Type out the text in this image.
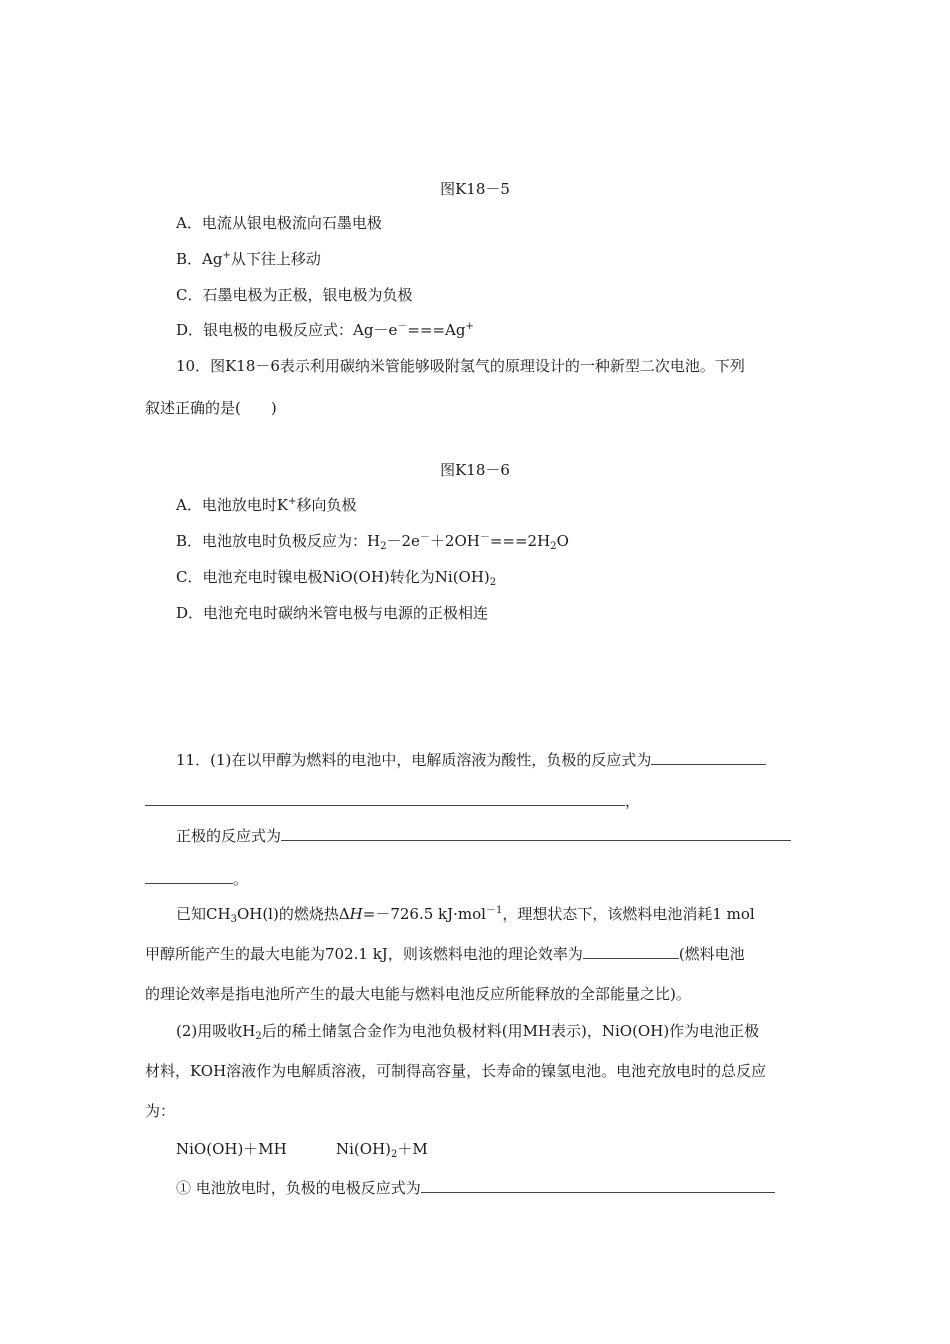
图K18－5
A．电流从银电极流向石墨电极
B．Ag+从下往上移动
C．石墨电极为正极，银电极为负极
D．银电极的电极反应式：Ag－e－===Ag+
10．图K18－6表示利用碳纳米管能够吸附氢气的原理设计的一种新型二次电池。下列
叙述正确的是(　　)
图K18－6
A．电池放电时K+移向负极
B．电池放电时负极反应为：$H_2-2e^-+2OH^-===2H_2O$
C．电池充电时镍电极NiO(OH)转化为$Ni(OH)_2$
D．电池充电时碳纳米管电极与电源的正极相连
11．(1)在以甲醇为燃料的电池中，电解质溶液为酸性，负极的反应式为
，
正极的反应式为
。
已知$CH_3OH(l)$的燃烧热ΔH=－726.5 kJ·mol$^{-1}$，理想状态下，该燃料电池消耗1 mol
甲醇所能产生的最大电能为702.1 kJ，则该燃料电池的理论效率为	(燃料电池
的理论效率是指电池所产生的最大电能与燃料电池反应所能释放的全部能量之比)。
(2)用吸收$H_2$后的稀土储氢合金作为电池负极材料(用MH表示)，NiO(OH)作为电池正极
材料，KOH溶液作为电解质溶液，可制得高容量，长寿命的镍氢电池。电池充放电时的总反应
为：
NiO(OH)＋MH	$Ni(OH)_2+M$
① 电池放电时，负极的电极反应式为
